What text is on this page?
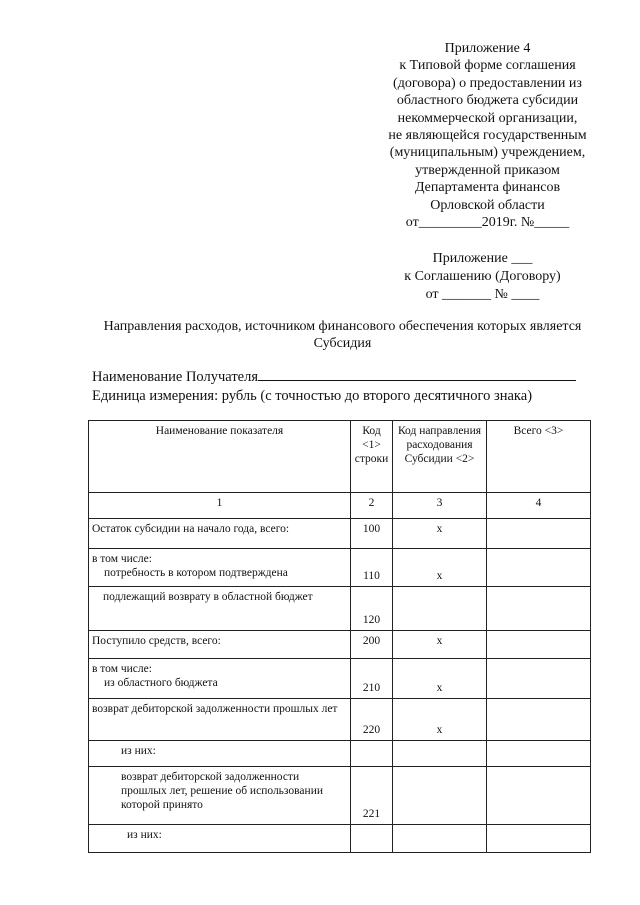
Приложение 4
к Типовой форме соглашения
(договора) о предоставлении из
областного бюджета субсидии
некоммерческой организации,
не являющейся государственным
(муниципальным) учреждением,
утвержденной приказом
Департамента финансов
Орловской области
от_________2019г. №_____
Приложение ___
к Соглашению (Договору)
от _______ № ____
Направления расходов, источником финансового обеспечения которых является Субсидия
Наименование Получателя
Единица измерения: рубль (с точностью до второго десятичного знака)
Наименование показателя	Код <1> строки	Код направления расходования Субсидии <2>	Всего <3>
1	2	3	4
Остаток субсидии на начало года, всего:	100	x	
в том числе:
потребность в котором подтверждена	110	x	
подлежащий возврату в областной бюджет	120		
Поступило средств, всего:	200	x	
в том числе:
из областного бюджета	210	x	
возврат дебиторской задолженности прошлых лет	220	x	
из них:			
возврат дебиторской задолженности прошлых лет, решение об использовании которой принято	221		
из них:			
